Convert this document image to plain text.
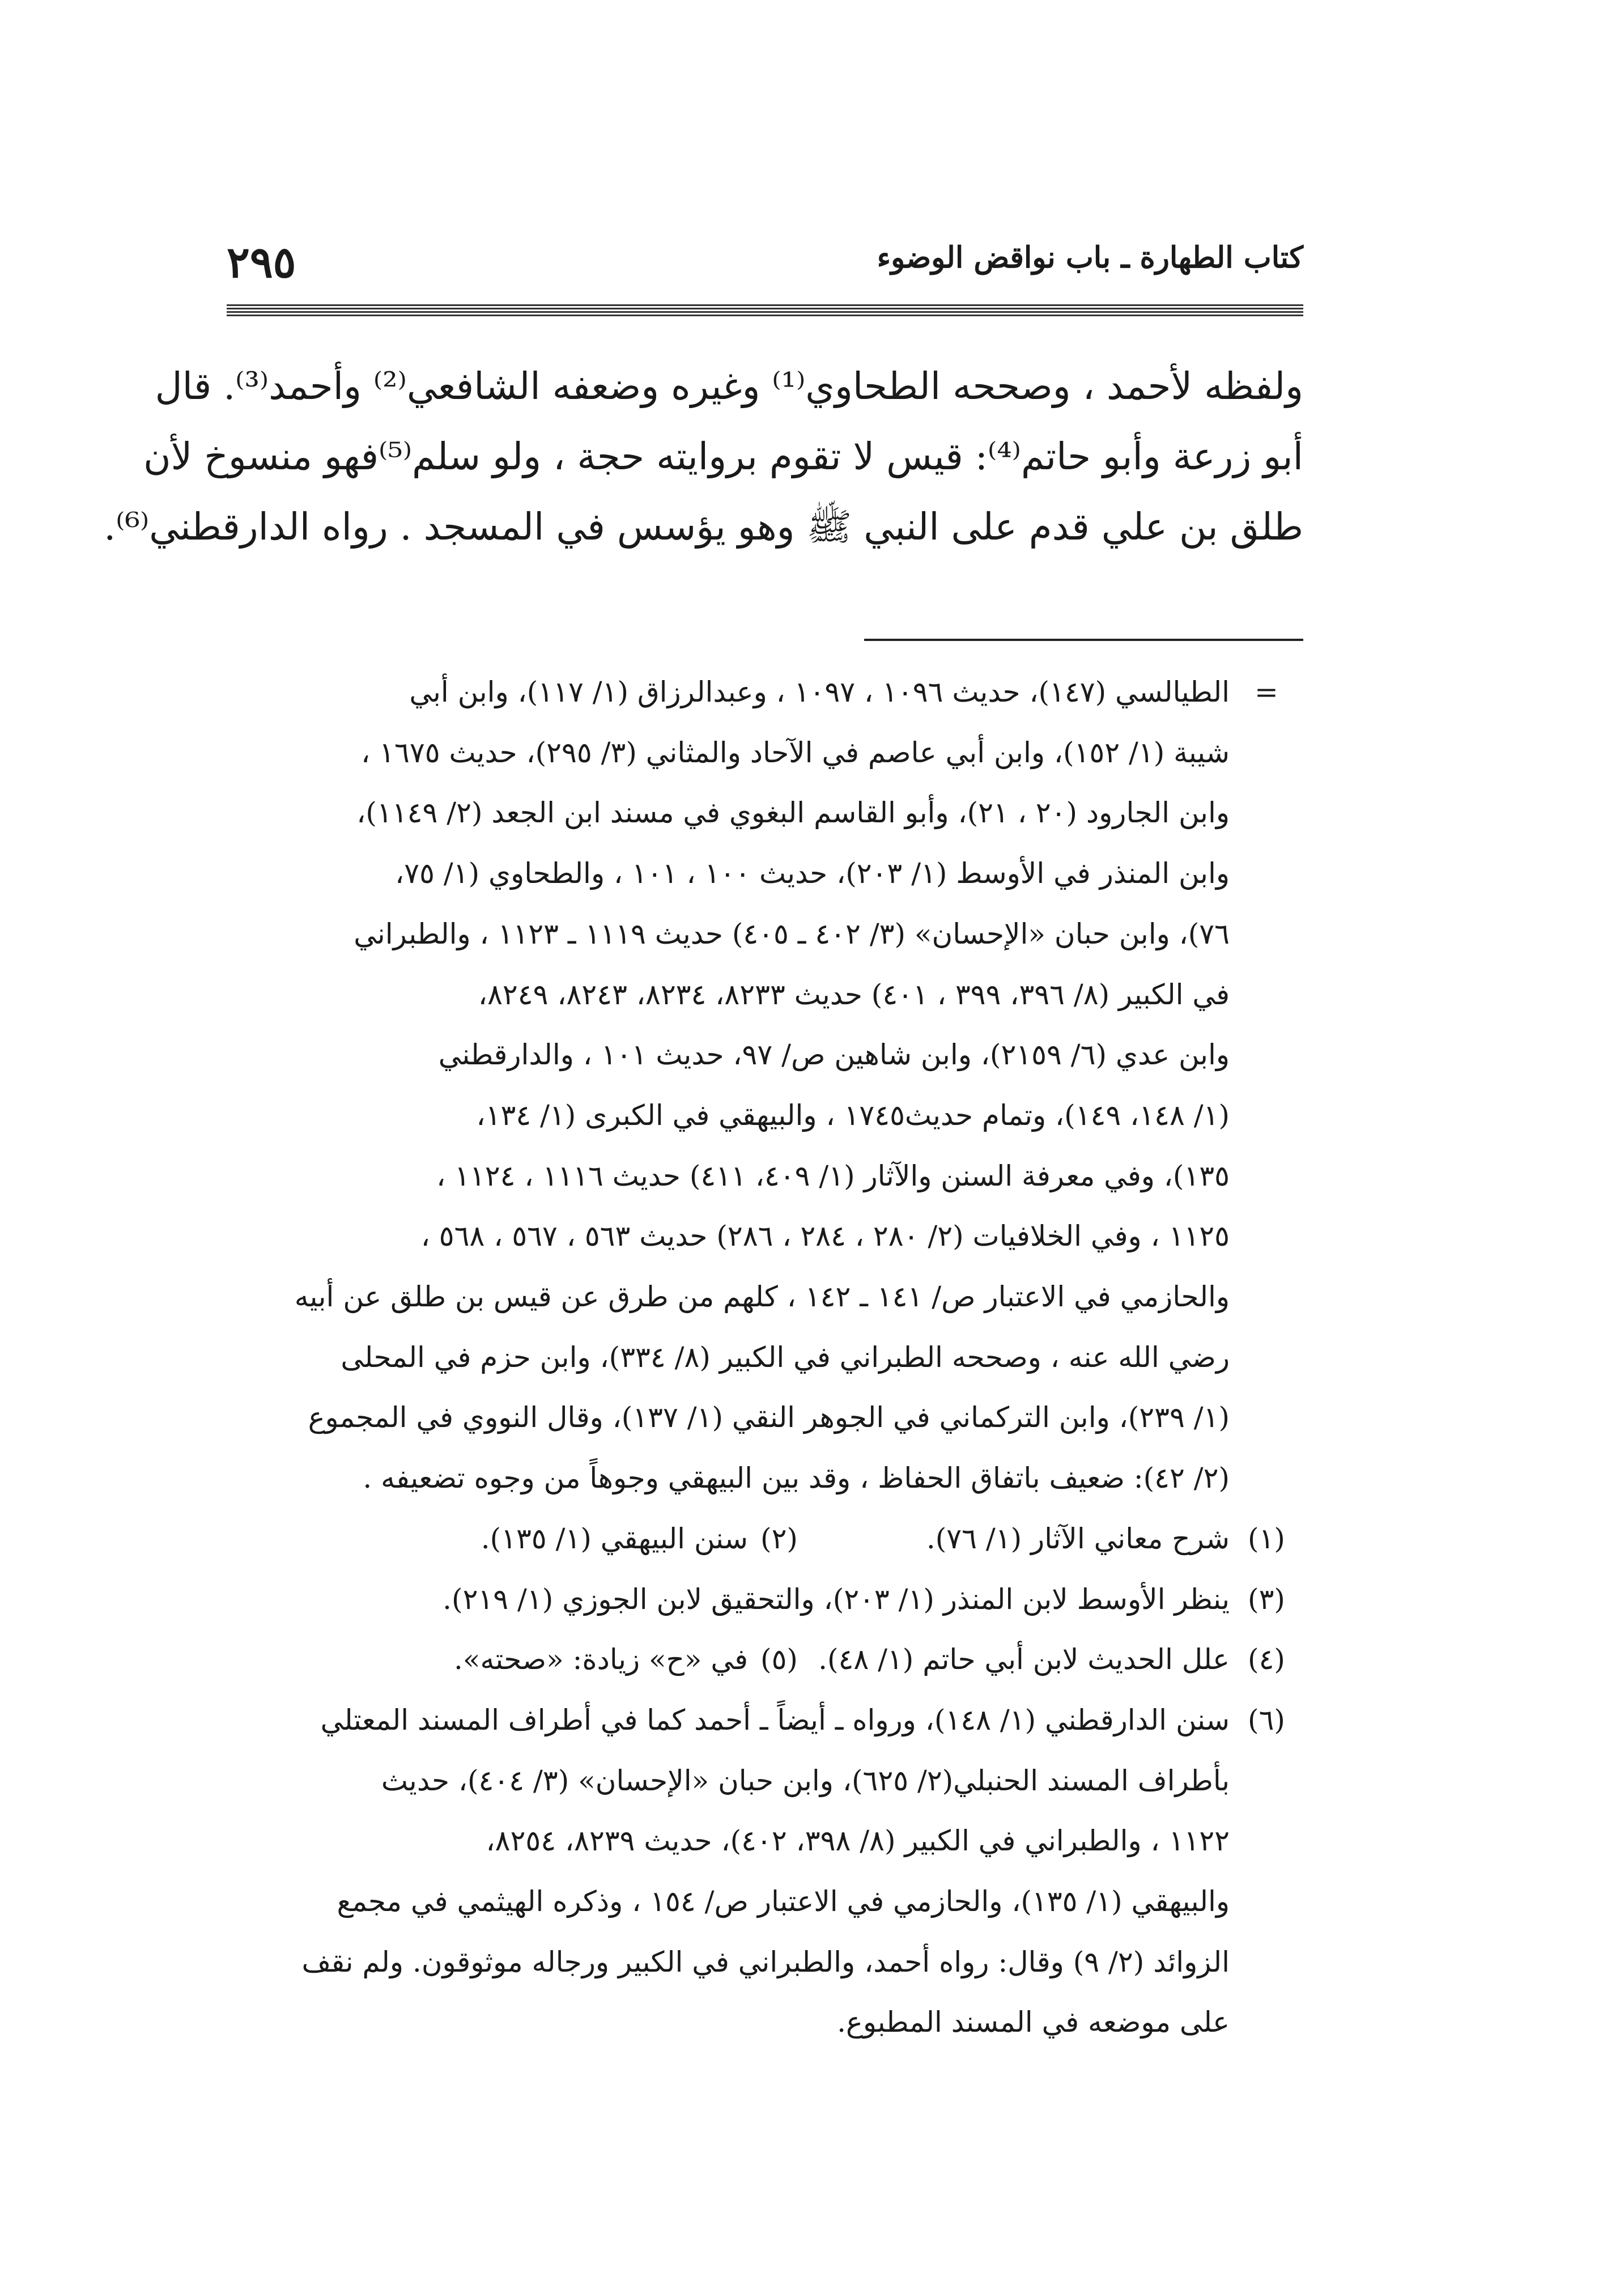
كتاب الطهارة ـ باب نواقض الوضوء
٢٩٥
ولفظه لأحمد ، وصححه الطحاوي⁽¹⁾ وغيره وضعفه الشافعي⁽²⁾ وأحمد⁽³⁾. قال
أبو زرعة وأبو حاتم⁽⁴⁾: قيس لا تقوم بروايته حجة ، ولو سلم⁽⁵⁾فهو منسوخ لأن
طلق بن علي قدم على النبي ﷺ وهو يؤسس في المسجد . رواه الدارقطني⁽⁶⁾.
=
الطيالسي (١٤٧)، حديث ١٠٩٦ ، ١٠٩٧ ، وعبدالرزاق (١/ ١١٧)، وابن أبي
شيبة (١/ ١٥٢)، وابن أبي عاصم في الآحاد والمثاني (٣/ ٢٩٥)، حديث ١٦٧٥ ،
وابن الجارود (٢٠ ، ٢١)، وأبو القاسم البغوي في مسند ابن الجعد (٢/ ١١٤٩)،
وابن المنذر في الأوسط (١/ ٢٠٣)، حديث ١٠٠ ، ١٠١ ، والطحاوي (١/ ٧٥،
٧٦)، وابن حبان «الإحسان» (٣/ ٤٠٢ ـ ٤٠٥) حديث ١١١٩ ـ ١١٢٣ ، والطبراني
في الكبير (٨/ ٣٩٦، ٣٩٩ ، ٤٠١) حديث ٨٢٣٣، ٨٢٣٤، ٨٢٤٣، ٨٢٤٩،
وابن عدي (٦/ ٢١٥٩)، وابن شاهين ص/ ٩٧، حديث ١٠١ ، والدارقطني
(١/ ١٤٨، ١٤٩)، وتمام حديث١٧٤٥ ، والبيهقي في الكبرى (١/ ١٣٤،
١٣٥)، وفي معرفة السنن والآثار (١/ ٤٠٩، ٤١١) حديث ١١١٦ ، ١١٢٤ ،
١١٢٥ ، وفي الخلافيات (٢/ ٢٨٠ ، ٢٨٤ ، ٢٨٦) حديث ٥٦٣ ، ٥٦٧ ، ٥٦٨ ،
والحازمي في الاعتبار ص/ ١٤١ ـ ١٤٢ ، كلهم من طرق عن قيس بن طلق عن أبيه
رضي الله عنه ، وصححه الطبراني في الكبير (٨/ ٣٣٤)، وابن حزم في المحلى
(١/ ٢٣٩)، وابن التركماني في الجوهر النقي (١/ ١٣٧)، وقال النووي في المجموع
(٢/ ٤٢): ضعيف باتفاق الحفاظ ، وقد بين البيهقي وجوهاً من وجوه تضعيفه .
(١)
شرح معاني الآثار (١/ ٧٦).(٢)سنن البيهقي (١/ ١٣٥).
(٣)
ينظر الأوسط لابن المنذر (١/ ٢٠٣)، والتحقيق لابن الجوزي (١/ ٢١٩).
(٤)
علل الحديث لابن أبي حاتم (١/ ٤٨).(٥)في «ح» زيادة: «صحته».
(٦)
سنن الدارقطني (١/ ١٤٨)، ورواه ـ أيضاً ـ أحمد كما في أطراف المسند المعتلي
بأطراف المسند الحنبلي(٢/ ٦٢٥)، وابن حبان «الإحسان» (٣/ ٤٠٤)، حديث
١١٢٢ ، والطبراني في الكبير (٨/ ٣٩٨، ٤٠٢)، حديث ٨٢٣٩، ٨٢٥٤،
والبيهقي (١/ ١٣٥)، والحازمي في الاعتبار ص/ ١٥٤ ، وذكره الهيثمي في مجمع
الزوائد (٢/ ٩) وقال: رواه أحمد، والطبراني في الكبير ورجاله موثوقون. ولم نقف
على موضعه في المسند المطبوع.
